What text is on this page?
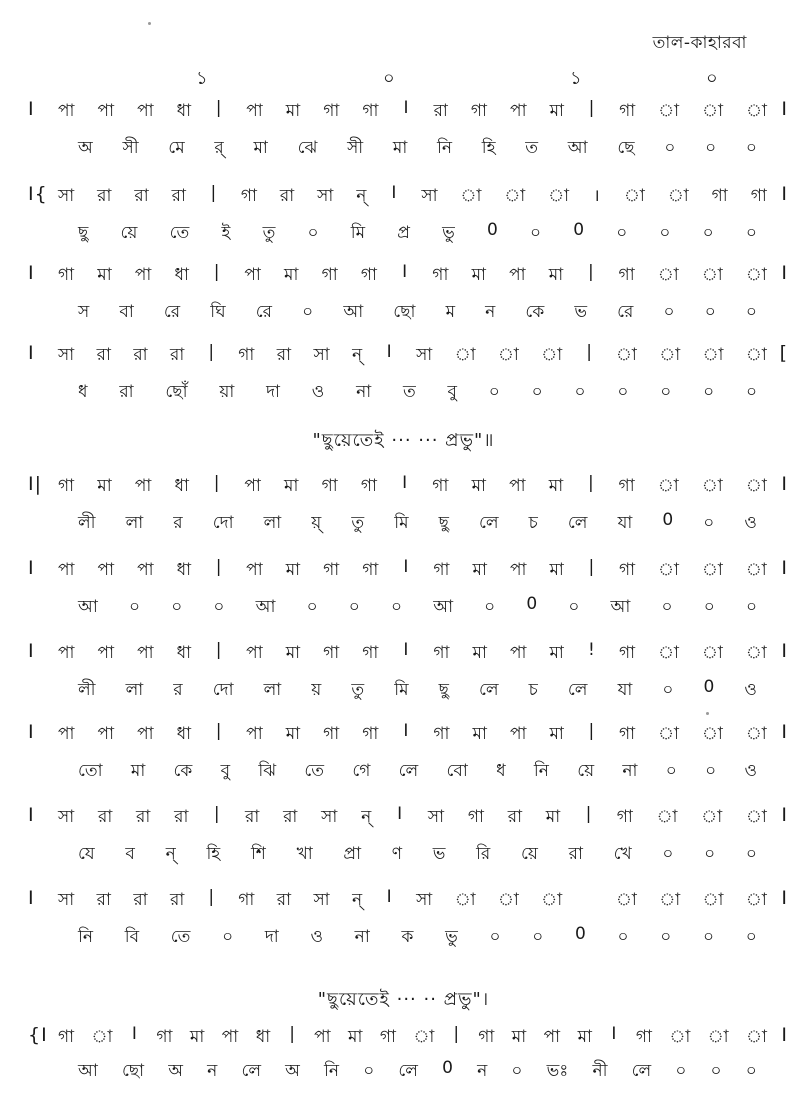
তাল-কাহারবা
১	০	১	০
I	I
পা পা পা ধা | পা মা গা গা I রা গা পা মা | গা া া া
অ সী মে র্ মা ঝে সী মা নি হি ত আ ছে ০ ০ ০
I{	I
সা রা রা রা | গা রা সা ন্ I সা া া া । া া গা গা
ছু য়ে তে ই তু ০ মি প্র ভু 0 ০ 0 ০ ০ ০ ০
I	I
গা মা পা ধা | পা মা গা গা I গা মা পা মা | গা া া া
স বা রে ঘি রে ০ আ ছো ম ন কে ভ রে ০ ০ ০
I	[
সা রা রা রা | গা রা সা ন্ I সা া া া | া া া া
ধ রা ছোঁ য়া দা ও না ত বু ০ ০ ০ ০ ০ ০ ০
"ছুয়েতেই ··· ··· প্রভু"॥
I|	I
গা মা পা ধা | পা মা গা গা I গা মা পা মা | গা া া া
লী লা র দো লা য়্ তু মি ছু লে চ লে যা 0 ০ ও
I	I
পা পা পা ধা | পা মা গা গা I গা মা পা মা | গা া া া
আ ০ ০ ০ আ ০ ০ ০ আ ০ 0 ০ আ ০ ০ ০
I	I
পা পা পা ধা | পা মা গা গা I গা মা পা মা ! গা া া া
লী লা র দো লা য় তু মি ছু লে চ লে যা ০ 0 ও
I	I
পা পা পা ধা | পা মা গা গা I গা মা পা মা | গা া া া
তো মা কে বু ঝি তে গে লে বো ধ নি য়ে না ০ ০ ও
I	I
সা রা রা রা | রা রা সা ন্ I সা গা রা মা | গা া া া
যে ব ন্ হি শি খা প্রা ণ ভ রি য়ে রা খে ০ ০ ০
I	I
সা রা রা রা | গা রা সা ন্ I সা া া া	া া া া
নি বি তে ০ দা ও না ক ভু ০ ০ 0 ০ ০ ০ ০
"ছুয়েতেই ··· ·· প্রভু"।
{I	I
গা া I গা মা পা ধা | পা মা গা া | গা মা পা মা I গা া া া
আ ছো অ ন লে অ নি ০ লে 0 ন ০ ভঃ নী লে ০ ০ ০
